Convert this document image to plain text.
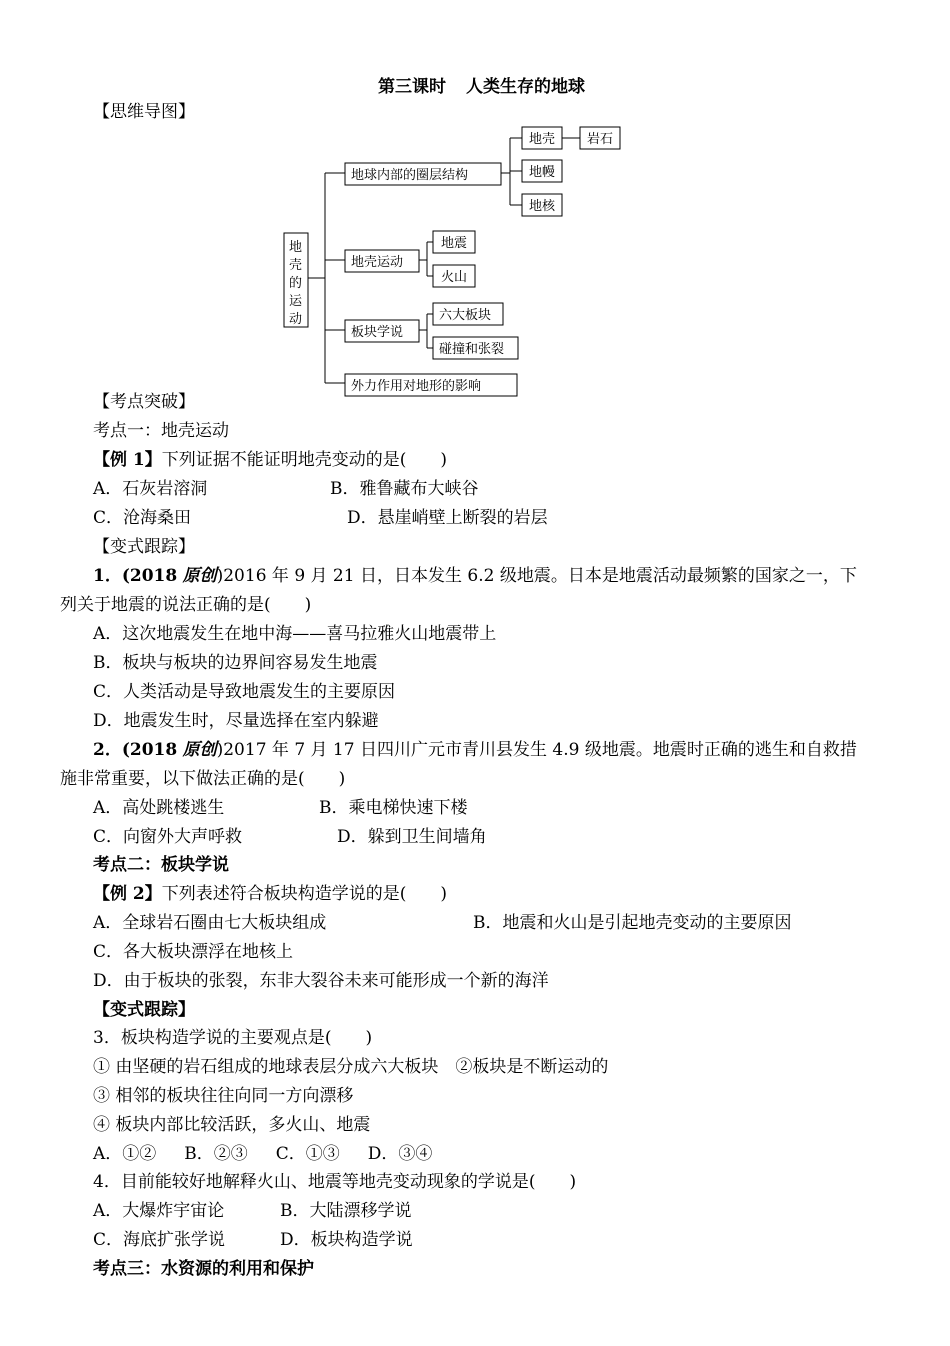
第三课时 人类生存的地球
【思维导图】
地
壳
的
运
动
地球内部的圈层结构
地壳运动
板块学说
外力作用对地形的影响
地壳
地幔
地核
岩石
地震
火山
六大板块
碰撞和张裂
【考点突破】
考点一：地壳运动
【例 1】下列证据不能证明地壳变动的是(　　)
A．石灰岩溶洞	B．雅鲁藏布大峡谷
C．沧海桑田	D．悬崖峭壁上断裂的岩层
【变式跟踪】
1．(2018 原创)2016 年 9 月 21 日，日本发生 6.2 级地震。日本是地震活动最频繁的国家之一，下
列关于地震的说法正确的是(　　)
A．这次地震发生在地中海——喜马拉雅火山地震带上
B．板块与板块的边界间容易发生地震
C．人类活动是导致地震发生的主要原因
D．地震发生时，尽量选择在室内躲避
2．(2018 原创)2017 年 7 月 17 日四川广元市青川县发生 4.9 级地震。地震时正确的逃生和自救措
施非常重要，以下做法正确的是(　　)
A．高处跳楼逃生	B．乘电梯快速下楼
C．向窗外大声呼救	D．躲到卫生间墙角
考点二：板块学说
【例 2】下列表述符合板块构造学说的是(　　)
A．全球岩石圈由七大板块组成	B．地震和火山是引起地壳变动的主要原因
C．各大板块漂浮在地核上
D．由于板块的张裂，东非大裂谷未来可能形成一个新的海洋
【变式跟踪】
3．板块构造学说的主要观点是(　　)
① 由坚硬的岩石组成的地球表层分成六大板块　②板块是不断运动的
③ 相邻的板块往往向同一方向漂移
④ 板块内部比较活跃，多火山、地震
A．①② B．②③ C．①③ D．③④
4．目前能较好地解释火山、地震等地壳变动现象的学说是(　　)
A．大爆炸宇宙论	B．大陆漂移学说
C．海底扩张学说	D．板块构造学说
考点三：水资源的利用和保护
